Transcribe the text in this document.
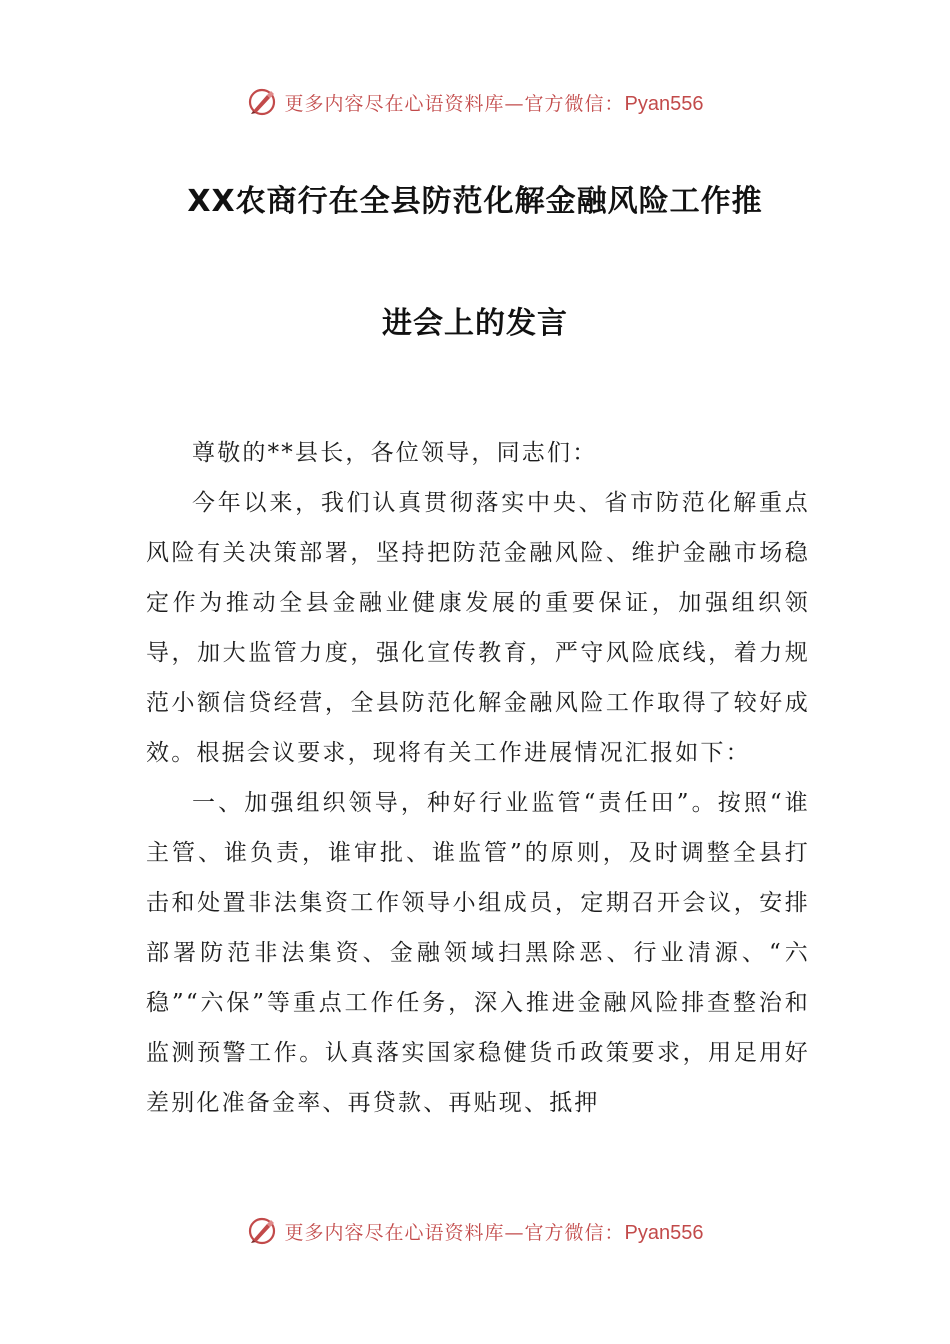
更多内容尽在心语资料库—官方微信：Pyan556
XX农商行在全县防范化解金融风险工作推
进会上的发言

尊敬的**县长，各位领导，同志们：

今年以来，我们认真贯彻落实中央、省市防范化解重点风险有关决策部署，坚持把防范金融风险、维护金融市场稳定作为推动全县金融业健康发展的重要保证，加强组织领导，加大监管力度，强化宣传教育，严守风险底线，着力规范小额信贷经营，全县防范化解金融风险工作取得了较好成效。根据会议要求，现将有关工作进展情况汇报如下：

一、加强组织领导，种好行业监管“责任田”。按照“谁主管、谁负责，谁审批、谁监管”的原则，及时调整全县打击和处置非法集资工作领导小组成员，定期召开会议，安排部署防范非法集资、金融领域扫黑除恶、行业清源、“六稳”“六保”等重点工作任务，深入推进金融风险排查整治和监测预警工作。认真落实国家稳健货币政策要求，用足用好差别化准备金率、再贷款、再贴现、抵押

更多内容尽在心语资料库—官方微信：Pyan556
